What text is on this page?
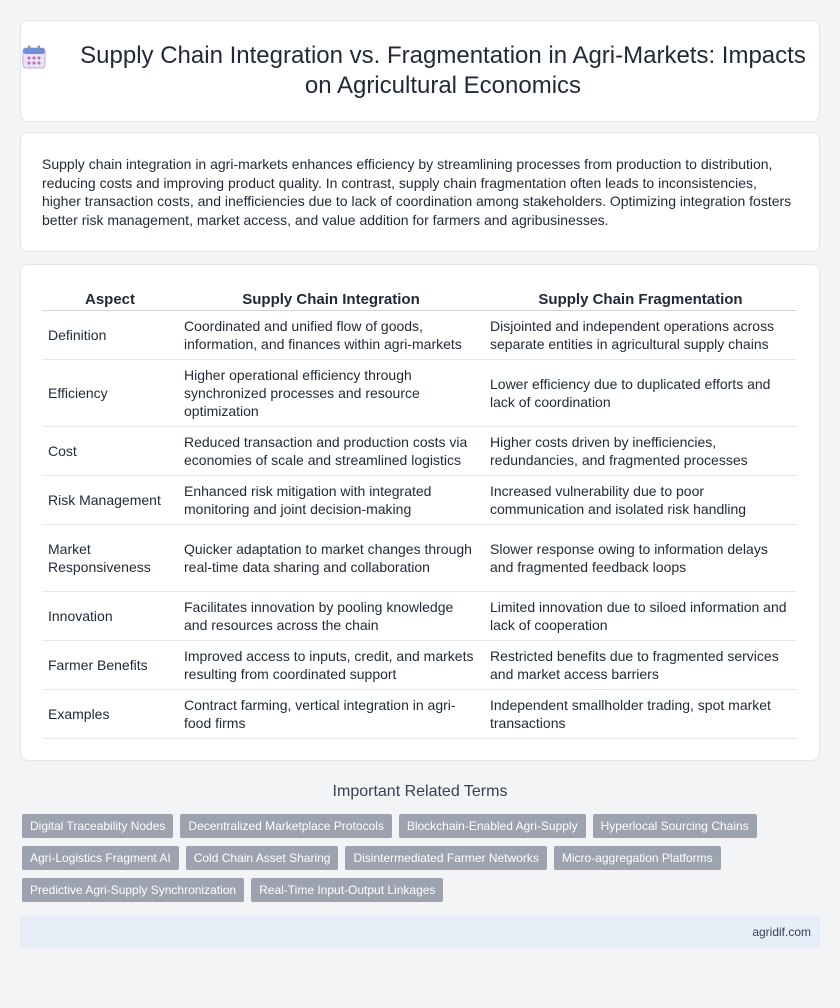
Supply Chain Integration vs. Fragmentation in Agri-Markets: Impacts on Agricultural Economics

Supply chain integration in agri-markets enhances efficiency by streamlining processes from production to distribution, reducing costs and improving product quality. In contrast, supply chain fragmentation often leads to inconsistencies, higher transaction costs, and inefficiencies due to lack of coordination among stakeholders. Optimizing integration fosters better risk management, market access, and value addition for farmers and agribusinesses.

Aspect	Supply Chain Integration	Supply Chain Fragmentation
Definition	Coordinated and unified flow of goods, information, and finances within agri-markets	Disjointed and independent operations across separate entities in agricultural supply chains
Efficiency	Higher operational efficiency through synchronized processes and resource optimization	Lower efficiency due to duplicated efforts and lack of coordination
Cost	Reduced transaction and production costs via economies of scale and streamlined logistics	Higher costs driven by inefficiencies, redundancies, and fragmented processes
Risk Management	Enhanced risk mitigation with integrated monitoring and joint decision-making	Increased vulnerability due to poor communication and isolated risk handling
Market Responsiveness	Quicker adaptation to market changes through real-time data sharing and collaboration	Slower response owing to information delays and fragmented feedback loops
Innovation	Facilitates innovation by pooling knowledge and resources across the chain	Limited innovation due to siloed information and lack of cooperation
Farmer Benefits	Improved access to inputs, credit, and markets resulting from coordinated support	Restricted benefits due to fragmented services and market access barriers
Examples	Contract farming, vertical integration in agri-food firms	Independent smallholder trading, spot market transactions
Important Related Terms
Digital Traceability Nodes	Decentralized Marketplace Protocols	Blockchain-Enabled Agri-Supply	Hyperlocal Sourcing Chains
Agri-Logistics Fragment AI	Cold Chain Asset Sharing	Disintermediated Farmer Networks	Micro-aggregation Platforms
Predictive Agri-Supply Synchronization	Real-Time Input-Output Linkages
agridif.com
